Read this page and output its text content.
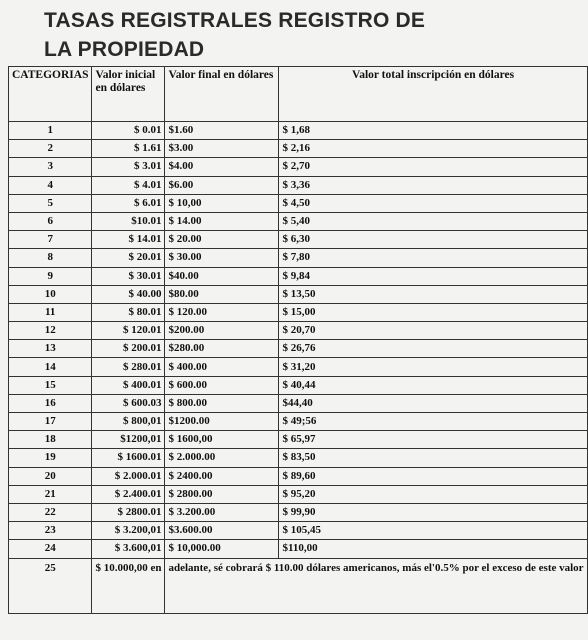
TASAS REGISTRALES REGISTRO DE
LA PROPIEDAD
CATEGORIAS	Valor inicial en dólares	Valor final en dólares	Valor total inscripción en dólares
1	$ 0.01	$1.60	$ 1,68
2	$ 1.61	$3.00	$ 2,16
3	$ 3.01	$4.00	$ 2,70
4	$ 4.01	$6.00	$ 3,36
5	$ 6.01	$ 10,00	$ 4,50
6	$10.01	$ 14.00	$ 5,40
7	$ 14.01	$ 20.00	$ 6,30
8	$ 20.01	$ 30.00	$ 7,80
9	$ 30.01	$40.00	$ 9,84
10	$ 40.00	$80.00	$ 13,50
11	$ 80.01	$ 120.00	$ 15,00
12	$ 120.01	$200.00	$ 20,70
13	$ 200.01	$280.00	$ 26,76
14	$ 280.01	$ 400.00	$ 31,20
15	$ 400.01	$ 600.00	$ 40,44
16	$ 600.03	$ 800.00	$44,40
17	$ 800,01	$1200.00	$ 49;56
18	$1200,01	$ 1600,00	$ 65,97
19	$ 1600.01	$ 2.000.00	$ 83,50
20	$ 2.000.01	$ 2400.00	$ 89,60
21	$ 2.400.01	$ 2800.00	$ 95,20
22	$ 2800.01	$ 3.200.00	$ 99,90
23	$ 3.200,01	$3.600.00	$ 105,45
24	$ 3.600,01	$ 10,000.00	$110,00
25	$ 10.000,00 en	adelante, sé cobrará $ 110.00 dólares americanos, más el'0.5% por el exceso de este valor	
